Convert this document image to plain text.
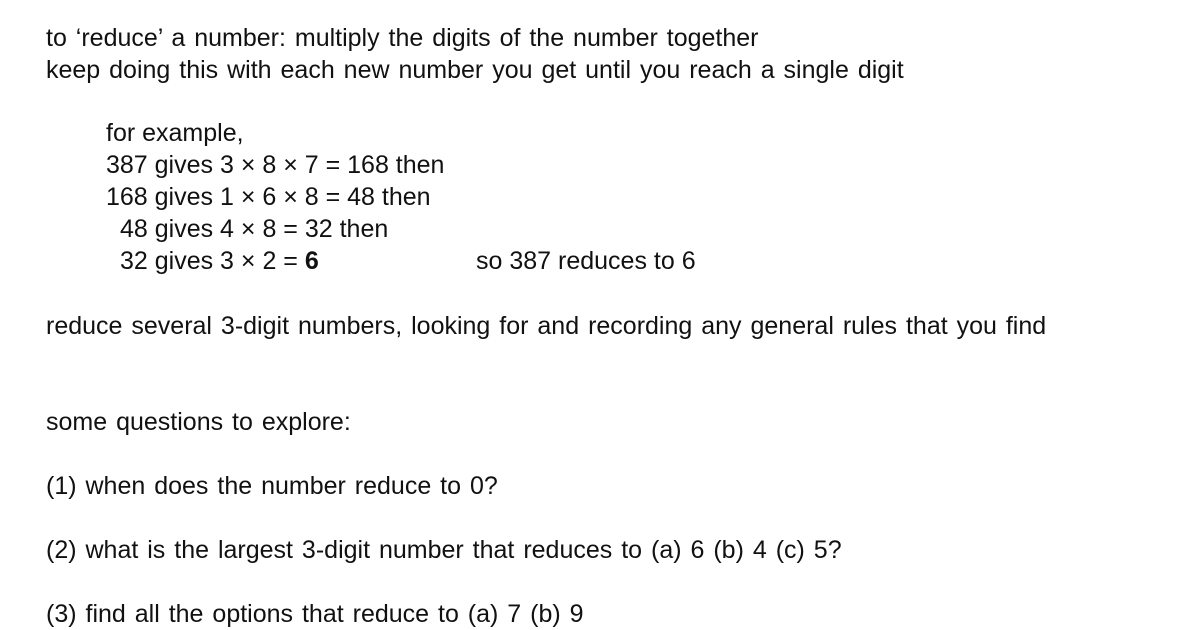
to ‘reduce’ a number: multiply the digits of the number together
keep doing this with each new number you get until you reach a single digit
for example,
387 gives 3 × 8 × 7 = 168 then
168 gives 1 × 6 × 8 = 48 then
48 gives 4 × 8 = 32 then
32 gives 3 × 2 = 6	so 387 reduces to 6
reduce several 3-digit numbers, looking for and recording any general rules that you find
some questions to explore:
(1) when does the number reduce to 0?
(2) what is the largest 3-digit number that reduces to (a) 6 (b) 4 (c) 5?
(3) find all the options that reduce to (a) 7 (b) 9
